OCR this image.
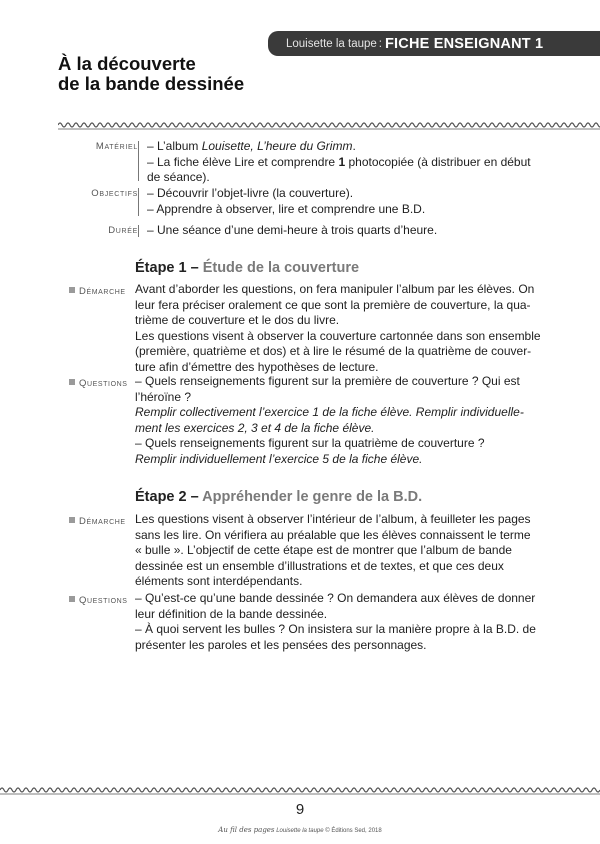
Louisette la taupe : FICHE ENSEIGNANT 1
À la découverte
de la bande dessinée
Matériel – L’album Louisette, L’heure du Grimm.
– La fiche élève Lire et comprendre 1 photocopiée (à distribuer en début
de séance).
Objectifs – Découvrir l’objet-livre (la couverture).
– Apprendre à observer, lire et comprendre une B.D.
Durée – Une séance d’une demi-heure à trois quarts d’heure.
Étape 1 – Étude de la couverture
Démarche Avant d’aborder les questions, on fera manipuler l’album par les élèves. On
leur fera préciser oralement ce que sont la première de couverture, la qua-
trième de couverture et le dos du livre.
Les questions visent à observer la couverture cartonnée dans son ensemble
(première, quatrième et dos) et à lire le résumé de la quatrième de couver-
ture afin d’émettre des hypothèses de lecture.
Questions – Quels renseignements figurent sur la première de couverture ? Qui est
l’héroïne ?
Remplir collectivement l’exercice 1 de la fiche élève. Remplir individuelle-
ment les exercices 2, 3 et 4 de la fiche élève.
– Quels renseignements figurent sur la quatrième de couverture ?
Remplir individuellement l’exercice 5 de la fiche élève.
Étape 2 – Appréhender le genre de la B.D.
Démarche Les questions visent à observer l’intérieur de l’album, à feuilleter les pages
sans les lire. On vérifiera au préalable que les élèves connaissent le terme
« bulle ». L’objectif de cette étape est de montrer que l’album de bande
dessinée est un ensemble d’illustrations et de textes, et que ces deux
éléments sont interdépendants.
Questions – Qu’est-ce qu’une bande dessinée ? On demandera aux élèves de donner
leur définition de la bande dessinée.
– À quoi servent les bulles ? On insistera sur la manière propre à la B.D. de
présenter les paroles et les pensées des personnages.
9
Au fil des pages Louisette la taupe © Éditions Sed, 2018
